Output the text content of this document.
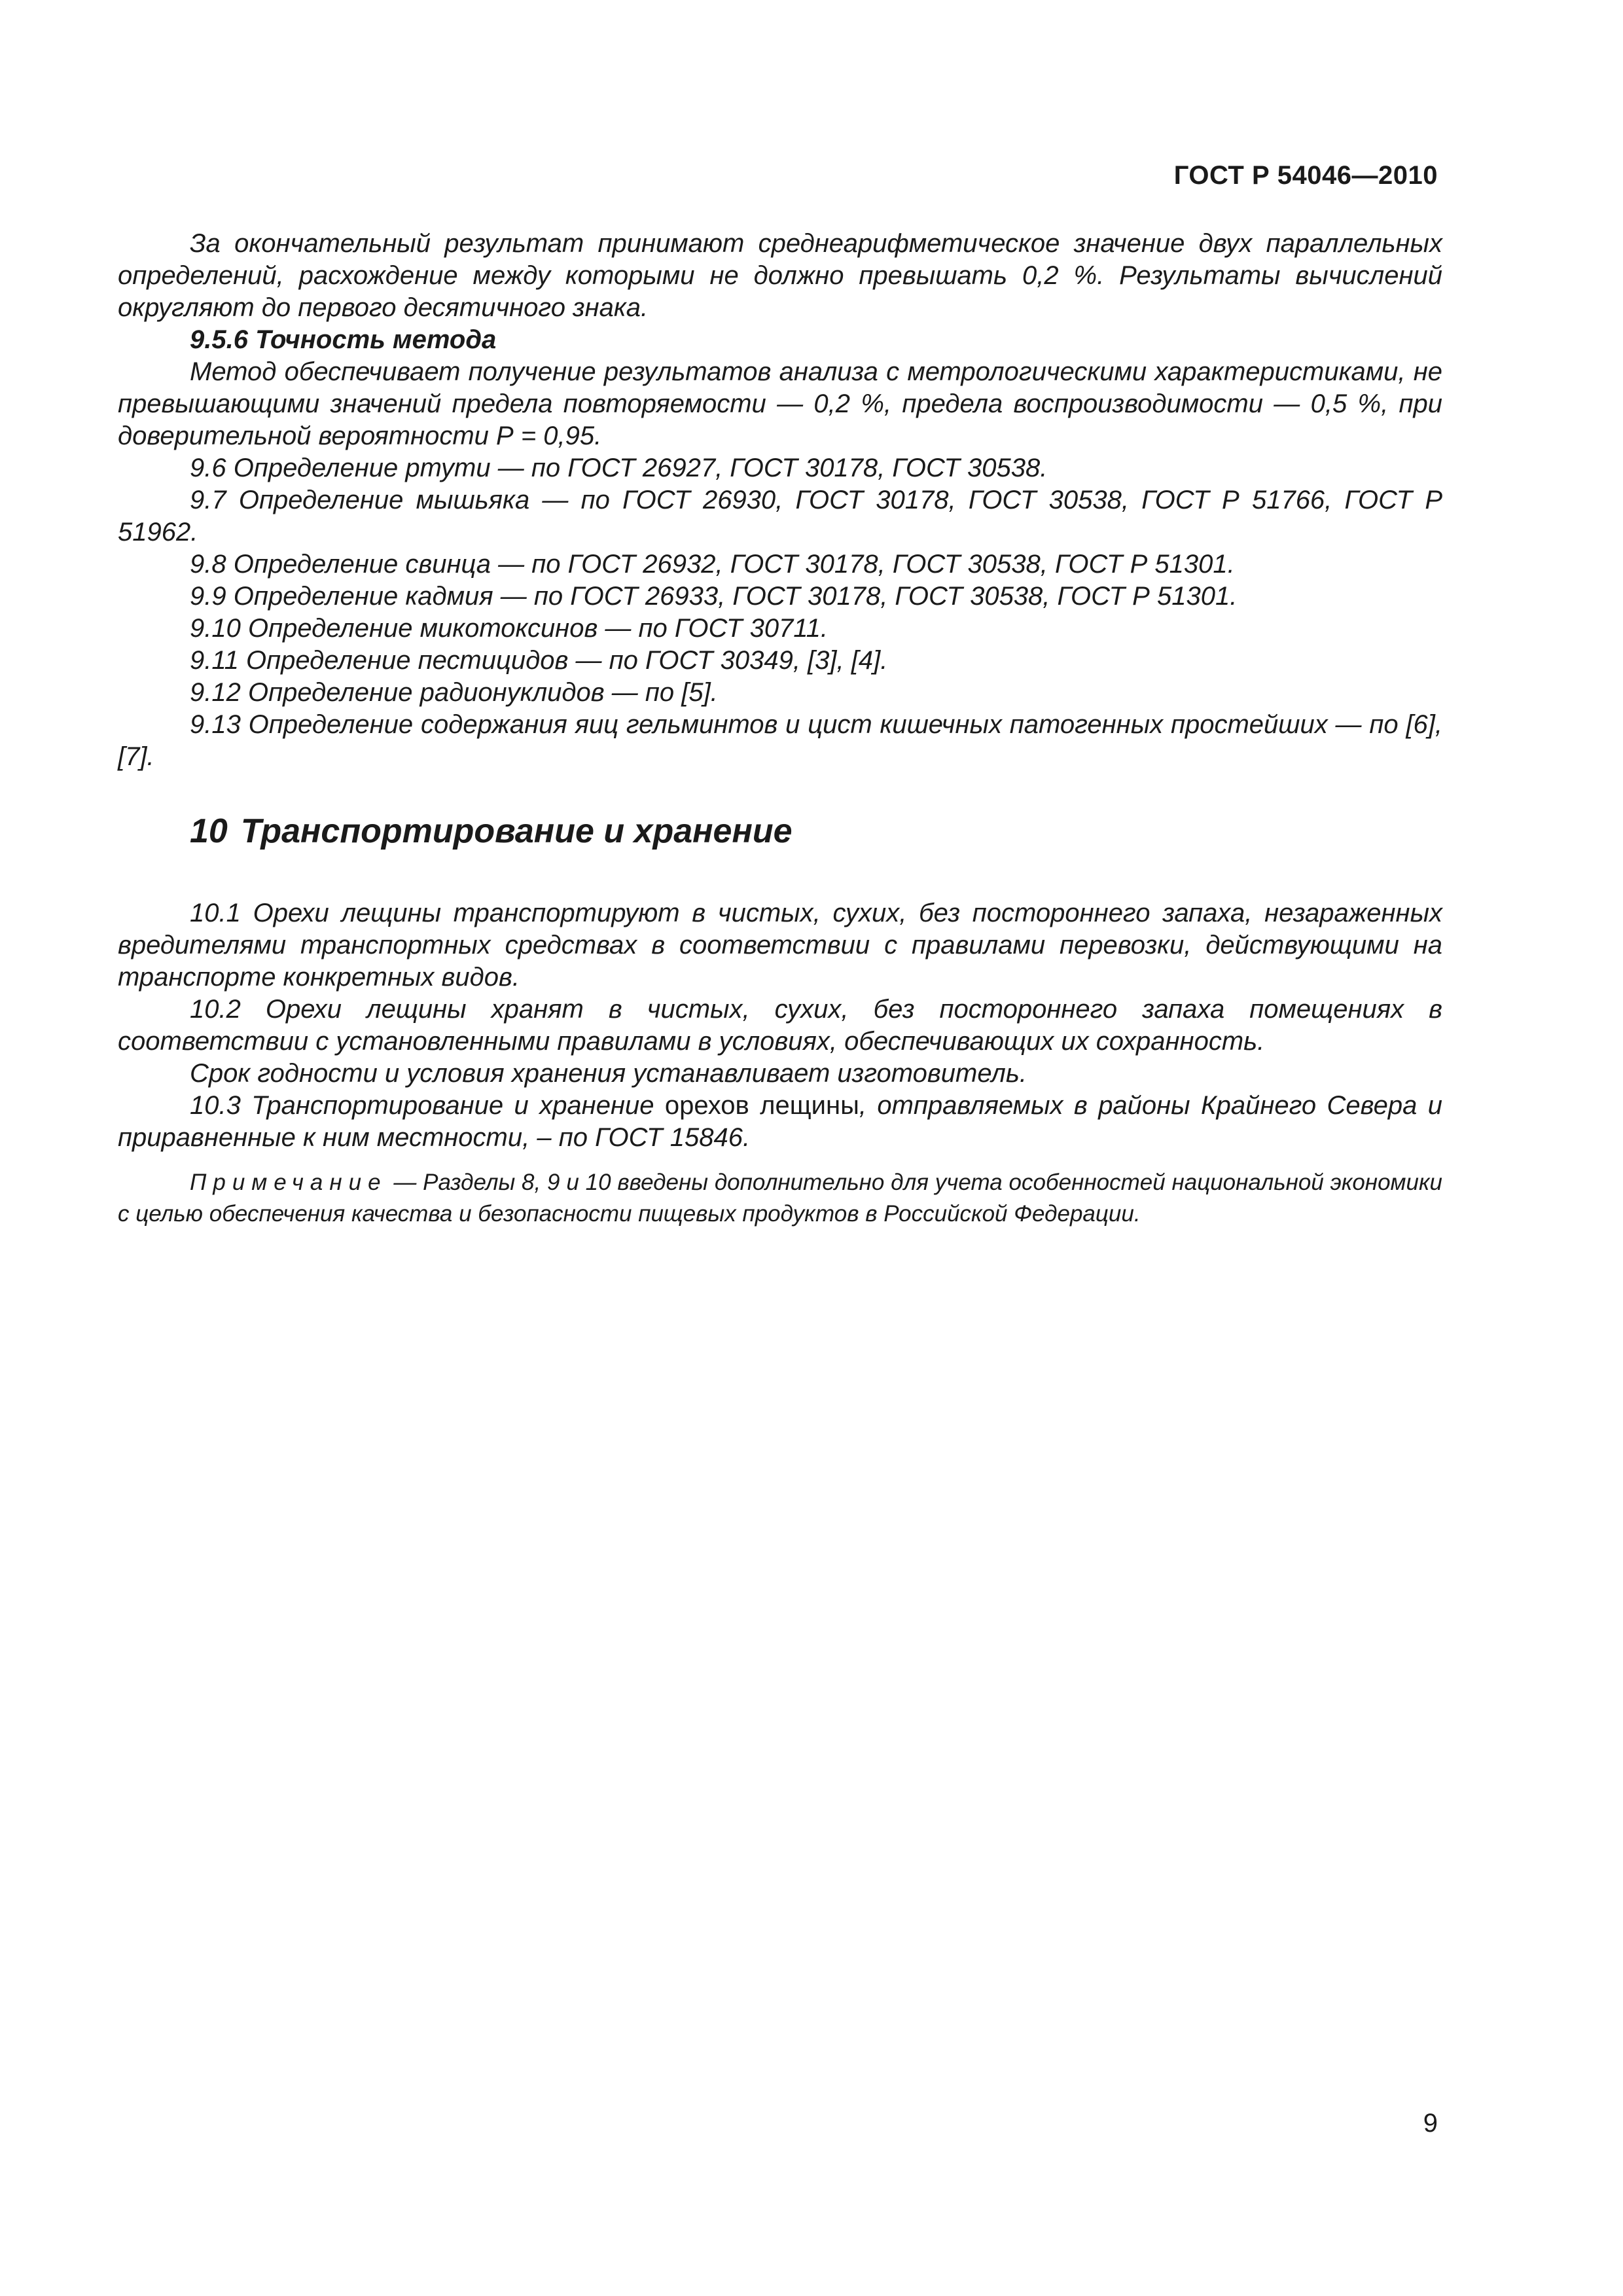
ГОСТ Р 54046—2010

За окончательный результат принимают среднеарифметическое значение двух параллельных определений, расхождение между которыми не должно превышать 0,2 %. Результаты вычислений округляют до первого десятичного знака.

9.5.6 Точность метода

Метод обеспечивает получение результатов анализа с метрологическими характеристиками, не превышающими значений предела повторяемости — 0,2 %, предела воспроизводимости — 0,5 %, при доверительной вероятности Р = 0,95.

9.6 Определение ртути — по ГОСТ 26927, ГОСТ 30178, ГОСТ 30538.

9.7 Определение мышьяка — по ГОСТ 26930, ГОСТ 30178, ГОСТ 30538, ГОСТ Р 51766, ГОСТ Р 51962.

9.8 Определение свинца — по ГОСТ 26932, ГОСТ 30178, ГОСТ 30538, ГОСТ Р 51301.

9.9 Определение кадмия — по ГОСТ 26933, ГОСТ 30178, ГОСТ 30538, ГОСТ Р 51301.

9.10 Определение микотоксинов — по ГОСТ 30711.

9.11 Определение пестицидов — по ГОСТ 30349, [3], [4].

9.12 Определение радионуклидов — по [5].

9.13 Определение содержания яиц гельминтов и цист кишечных патогенных простейших — по [6], [7].

10 Транспортирование и хранение

10.1 Орехи лещины транспортируют в чистых, сухих, без постороннего запаха, незараженных вредителями транспортных средствах в соответствии с правилами перевозки, действующими на транспорте конкретных видов.

10.2 Орехи лещины хранят в чистых, сухих, без постороннего запаха помещениях в соответствии с установленными правилами в условиях, обеспечивающих их сохранность.

Срок годности и условия хранения устанавливает изготовитель.

10.3 Транспортирование и хранение орехов лещины, отправляемых в районы Крайнего Севера и приравненные к ним местности, – по ГОСТ 15846.

Примечание — Разделы 8, 9 и 10 введены дополнительно для учета особенностей национальной экономики с целью обеспечения качества и безопасности пищевых продуктов в Российской Федерации.

9
